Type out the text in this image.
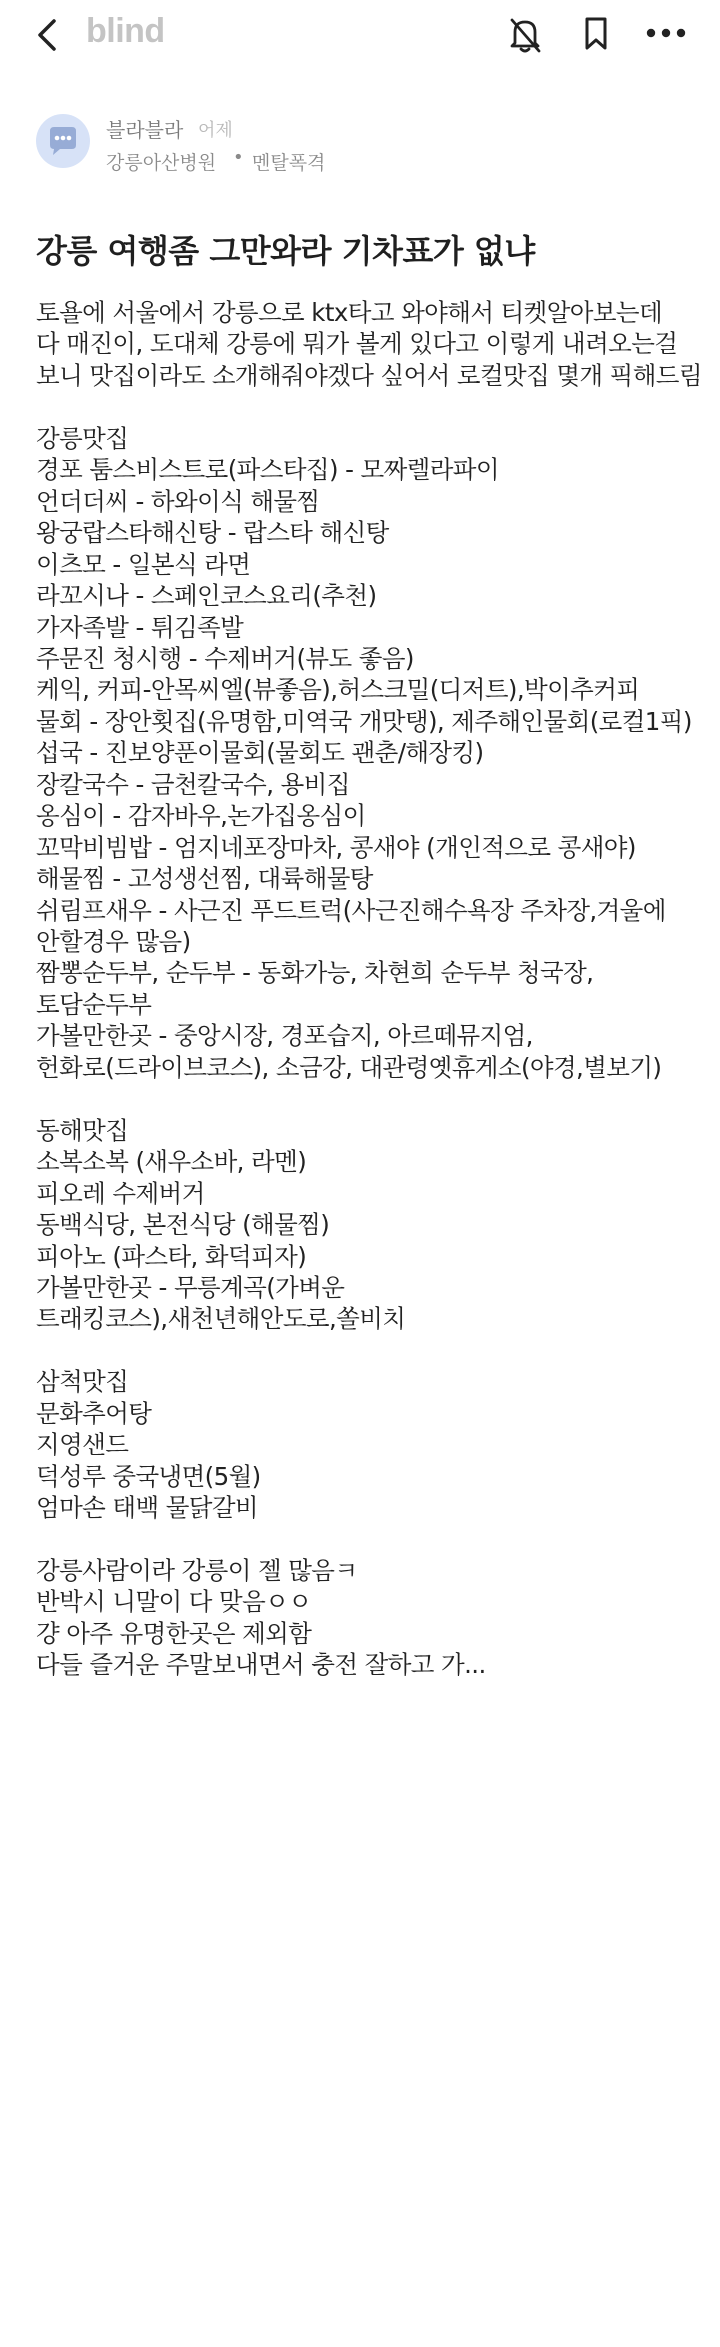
blind
블라블라 어제
강릉아산병원 • 멘탈폭격
강릉 여행좀 그만와라 기차표가 없냐

토욜에 서울에서 강릉으로 ktx타고 와야해서 티켓알아보는데

다 매진이, 도대체 강릉에 뭐가 볼게 있다고 이렇게 내려오는걸

보니 맛집이라도 소개해줘야겠다 싶어서 로컬맛집 몇개 픽해드림

강릉맛집

경포 툼스비스트로(파스타집) - 모짜렐라파이

언더더씨 - 하와이식 해물찜

왕궁랍스타해신탕 - 랍스타 해신탕

이츠모 - 일본식 라면

라꼬시나 - 스페인코스요리(추천)

가자족발 - 튀김족발

주문진 청시행 - 수제버거(뷰도 좋음)

케익, 커피-안목씨엘(뷰좋음),허스크밀(디저트),박이추커피

물회 - 장안횟집(유명함,미역국 개맛탱), 제주해인물회(로컬1픽)

섭국 - 진보양푼이물회(물회도 괜춘/해장킹)

장칼국수 - 금천칼국수, 용비집

옹심이 - 감자바우,논가집옹심이

꼬막비빔밥 - 엄지네포장마차, 콩새야 (개인적으로 콩새야)

해물찜 - 고성생선찜, 대륙해물탕

쉬림프새우 - 사근진 푸드트럭(사근진해수욕장 주차장,겨울에

안할경우 많음)

짬뽕순두부, 순두부 - 동화가능, 차현희 순두부 청국장,

토담순두부

가볼만한곳 - 중앙시장, 경포습지, 아르떼뮤지엄,

헌화로(드라이브코스), 소금강, 대관령옛휴게소(야경,별보기)

동해맛집

소복소복 (새우소바, 라멘)

피오레 수제버거

동백식당, 본전식당 (해물찜)

피아노 (파스타, 화덕피자)

가볼만한곳 - 무릉계곡(가벼운

트래킹코스),새천년해안도로,쏠비치

삼척맛집

문화추어탕

지영샌드

덕성루 중국냉면(5월)

엄마손 태백 물닭갈비

강릉사람이라 강릉이 젤 많음ㅋ

반박시 니말이 다 맞음ㅇㅇ

걍 아주 유명한곳은 제외함

다들 즐거운 주말보내면서 충전 잘하고 가...
